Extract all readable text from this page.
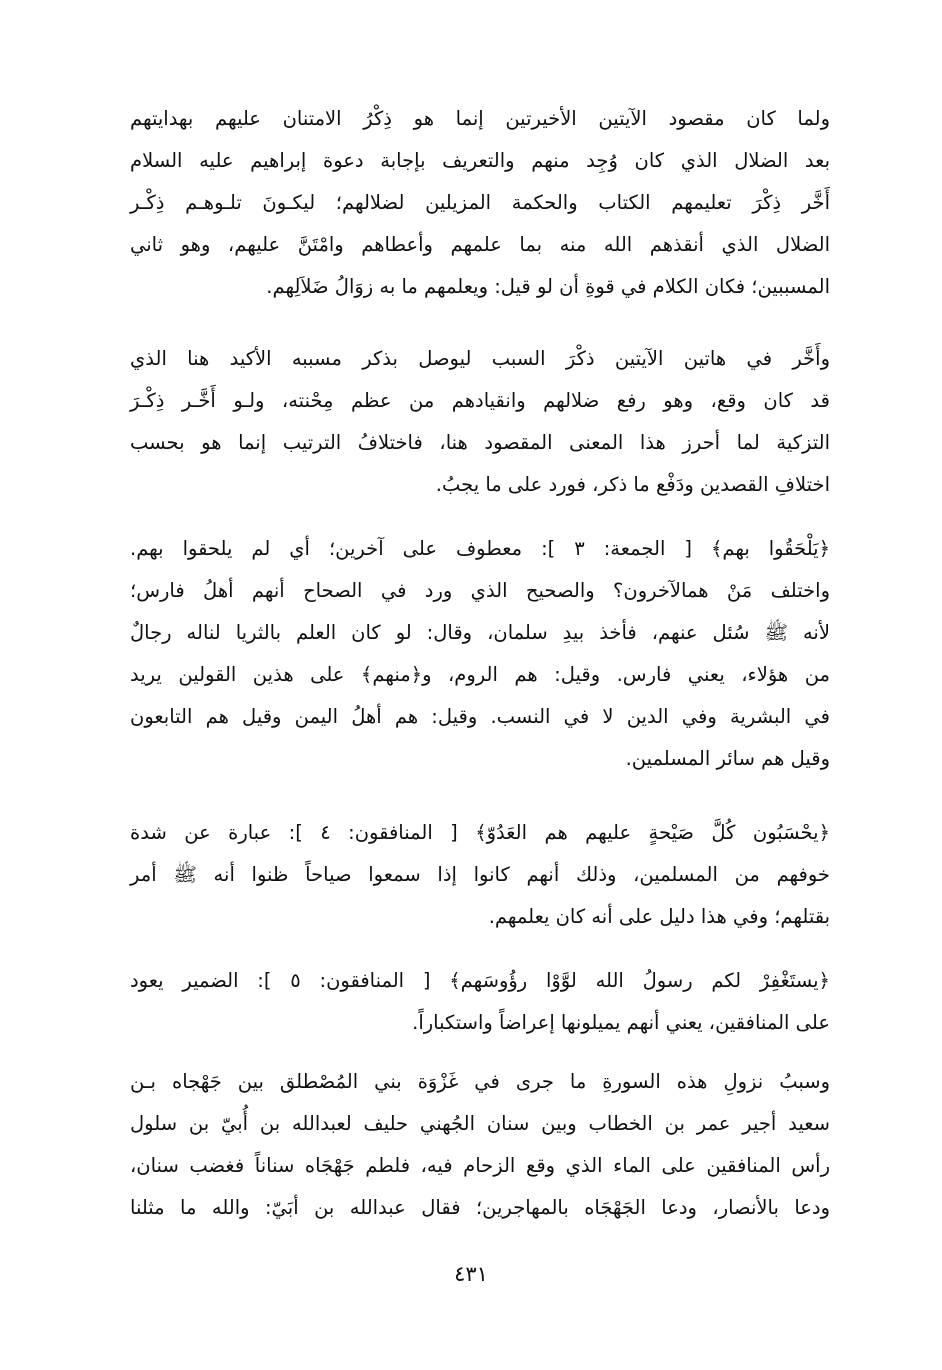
ولما كان مقصود الآيتين الأخيرتين إنما هو ذِكْرُ الامتنان عليهم بهدايتهم
بعد الضلال الذي كان وُجِد منهم والتعريف بإجابة دعوة إبراهيم عليه السلام
أَخَّر ذِكْرَ تعليمهم الكتاب والحكمة المزيلين لضلالهم؛ ليكـونَ تلـوهـم ذِكْـر
الضلال الذي أنقذهم الله منه بما علمهم وأعطاهم وامْتَنَّ عليهم، وهو ثاني
المسببين؛ فكان الكلام في قوةِ أن لو قيل: ويعلمهم ما به زوَالُ ضَلاَلِهم.

وأَخَّر في هاتين الآيتين ذكْرَ السبب ليوصل بذكر مسببه الأكيد هنا الذي
قد كان وقع، وهو رفع ضلالهم وانقيادهم من عظم مِحْنته، ولـو أَخَّـر ذِكْـرَ
التزكية لما أحرز هذا المعنى المقصود هنا، فاختلافُ الترتيب إنما هو بحسب
اختلافِ القصدين ودَفْع ما ذكر، فورد على ما يجبُ.

﴿يَلْحَقُوا بهم﴾ [ الجمعة: ٣ ]: معطوف على آخرين؛ أي لم يلحقوا بهم.
واختلف مَنْ همالآخرون؟ والصحيح الذي ورد في الصحاح أنهم أهلُ فارس؛
لأنه ﷺ سُئل عنهم، فأخذ بيدِ سلمان، وقال: لو كان العلم بالثريا لناله رجالٌ
من هؤلاء، يعني فارس. وقيل: هم الروم، و﴿منهم﴾ على هذين القولين يريد
في البشرية وفي الدين لا في النسب. وقيل: هم أهلُ اليمن وقيل هم التابعون
وقيل هم سائر المسلمين.

﴿يحْسَبُون كُلَّ صَيْحةٍ عليهم هم العَدُوّ﴾ [ المنافقون: ٤ ]: عبارة عن شدة
خوفهم من المسلمين، وذلك أنهم كانوا إذا سمعوا صياحاً ظنوا أنه ﷺ أمر
بقتلهم؛ وفي هذا دليل على أنه كان يعلمهم.

﴿يستَغْفِرْ لكم رسولُ الله لوَّوْا رؤُوسَهم﴾ [ المنافقون: ٥ ]: الضمير يعود
على المنافقين، يعني أنهم يميلونها إعراضاً واستكباراً.

وسببُ نزولِ هذه السورةِ ما جرى في غَزْوَة بني المُصْطلق بين جَهْجاه بـن
سعيد أجير عمر بن الخطاب وبين سنان الجُهني حليف لعبدالله بن أُبيّ بن سلول
رأس المنافقين على الماء الذي وقع الزحام فيه، فلطم جَهْجَاه سناناً فغضب سنان،
ودعا بالأنصار، ودعا الجَهْجَاه بالمهاجرين؛ فقال عبدالله بن أبَيّ: والله ما مثلنا

٤٣١
